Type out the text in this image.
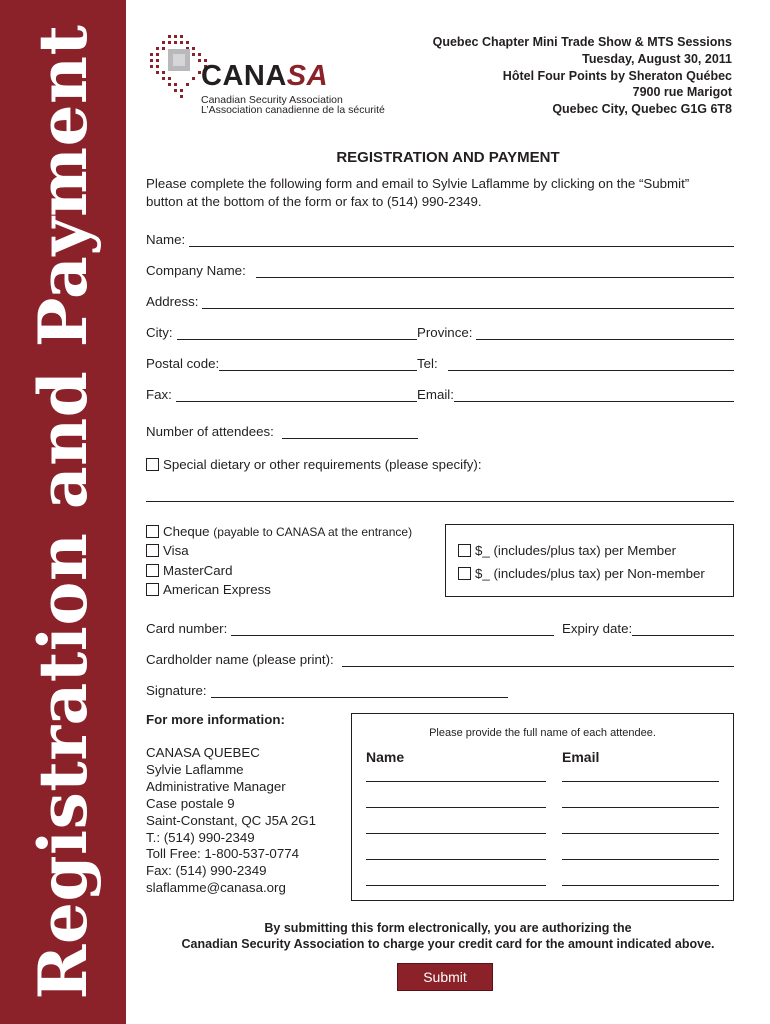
Registration and Payment	CANASA
Canadian Security Association
L’Association canadienne de la sécurité
Quebec Chapter Mini Trade Show & MTS Sessions
Tuesday, August 30, 2011
Hôtel Four Points by Sheraton Québec
7900 rue Marigot
Quebec City, Quebec G1G 6T8
REGISTRATION AND PAYMENT
Please complete the following form and email to Sylvie Laflamme by clicking on the “Submit” button at the bottom of the form or fax to (514) 990-2349.
Name:
Company Name:
Address:
City:	Province:
Postal code:	Tel:
Fax:	Email:
Number of attendees:
Special dietary or other requirements (please specify):
Cheque
(payable to CANASA at the entrance)
Visa
MasterCard
American Express
$_ (includes/plus tax) per Member
$_ (includes/plus tax) per Non-member
Card number:	Expiry date:
Cardholder name (please print):
Signature:
For more information:
CANASA QUEBEC
Sylvie Laflamme
Administrative Manager
Case postale 9
Saint-Constant, QC J5A 2G1
T.: (514) 990-2349
Toll Free: 1-800-537-0774
Fax: (514) 990-2349
slaflamme@canasa.org
Please provide the full name of each attendee.
Name	Email
By submitting this form electronically, you are authorizing the
Canadian Security Association to charge your credit card for the amount indicated above.
Submit
